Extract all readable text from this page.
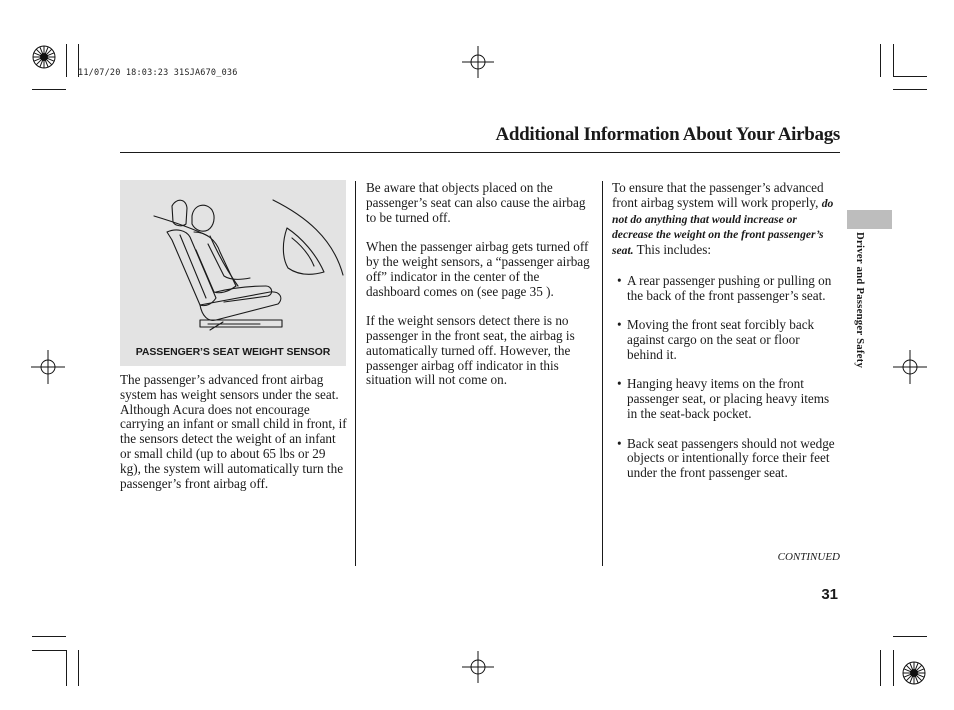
11/07/20 18:03:23 31SJA670_036
Additional Information About Your Airbags
PASSENGER’S SEAT WEIGHT SENSOR

The passenger’s advanced front airbag system has weight sensors under the seat. Although Acura does not encourage carrying an infant or small child in front, if the sensors detect the weight of an infant or small child (up to about 65 lbs or 29 kg), the system will automatically turn the passenger’s front airbag off.

Be aware that objects placed on the passenger’s seat can also cause the airbag to be turned off.

When the passenger airbag gets turned off by the weight sensors, a “passenger airbag off” indicator in the center of the dashboard comes on (see page 35 ).

If the weight sensors detect there is no passenger in the front seat, the airbag is automatically turned off. However, the passenger airbag off indicator in this situation will not come on.

To ensure that the passenger’s advanced front airbag system will work properly, do not do anything that would increase or decrease the weight on the front passenger’s seat. This includes:

• A rear passenger pushing or pulling on the back of the front passenger’s seat.
• Moving the front seat forcibly back against cargo on the seat or floor behind it.
• Hanging heavy items on the front passenger seat, or placing heavy items in the seat-back pocket.
• Back seat passengers should not wedge objects or intentionally force their feet under the front passenger seat.
CONTINUED
31
Driver and Passenger Safety
